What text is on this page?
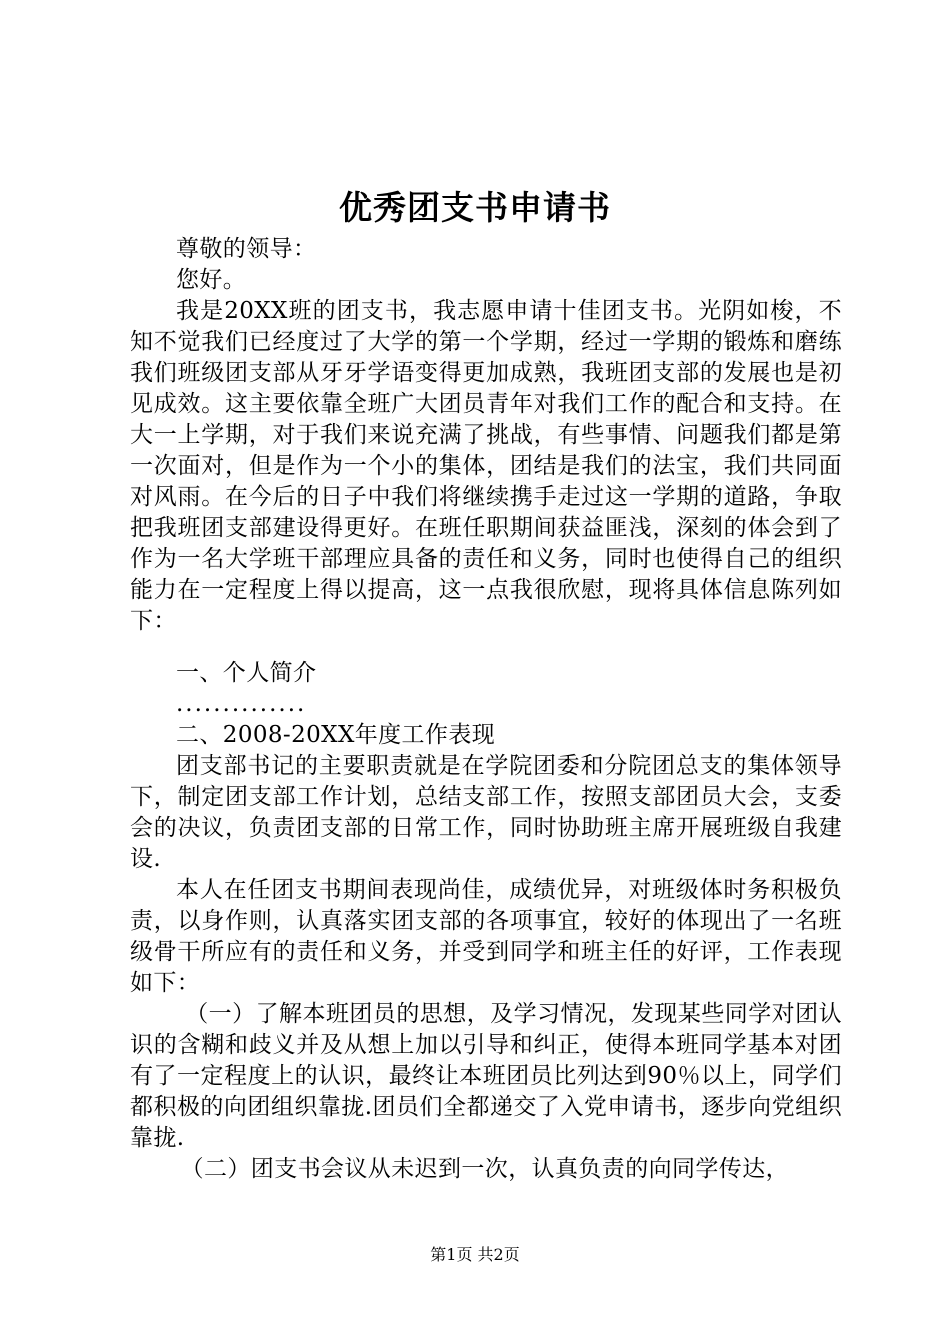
优秀团支书申请书

尊敬的领导：

您好。

我是20XX班的团支书，我志愿申请十佳团支书。光阴如梭，不知不觉我们已经度过了大学的第一个学期，经过一学期的锻炼和磨练我们班级团支部从牙牙学语变得更加成熟，我班团支部的发展也是初见成效。这主要依靠全班广大团员青年对我们工作的配合和支持。在大一上学期，对于我们来说充满了挑战，有些事情、问题我们都是第一次面对，但是作为一个小的集体，团结是我们的法宝，我们共同面对风雨。在今后的日子中我们将继续携手走过这一学期的道路，争取把我班团支部建设得更好。在班任职期间获益匪浅，深刻的体会到了作为一名大学班干部理应具备的责任和义务，同时也使得自己的组织能力在一定程度上得以提高，这一点我很欣慰，现将具体信息陈列如下：

一、个人简介

..............

二、2008-20XX年度工作表现

团支部书记的主要职责就是在学院团委和分院团总支的集体领导下，制定团支部工作计划，总结支部工作，按照支部团员大会，支委会的决议，负责团支部的日常工作，同时协助班主席开展班级自我建设.

本人在任团支书期间表现尚佳，成绩优异，对班级体时务积极负责，以身作则，认真落实团支部的各项事宜，较好的体现出了一名班级骨干所应有的责任和义务，并受到同学和班主任的好评，工作表现如下：

（一）了解本班团员的思想，及学习情况，发现某些同学对团认识的含糊和歧义并及从想上加以引导和纠正，使得本班同学基本对团有了一定程度上的认识，最终让本班团员比列达到90％以上，同学们都积极的向团组织靠拢.团员们全都递交了入党申请书，逐步向党组织靠拢.

（二）团支书会议从未迟到一次，认真负责的向同学传达，

第1页 共2页
